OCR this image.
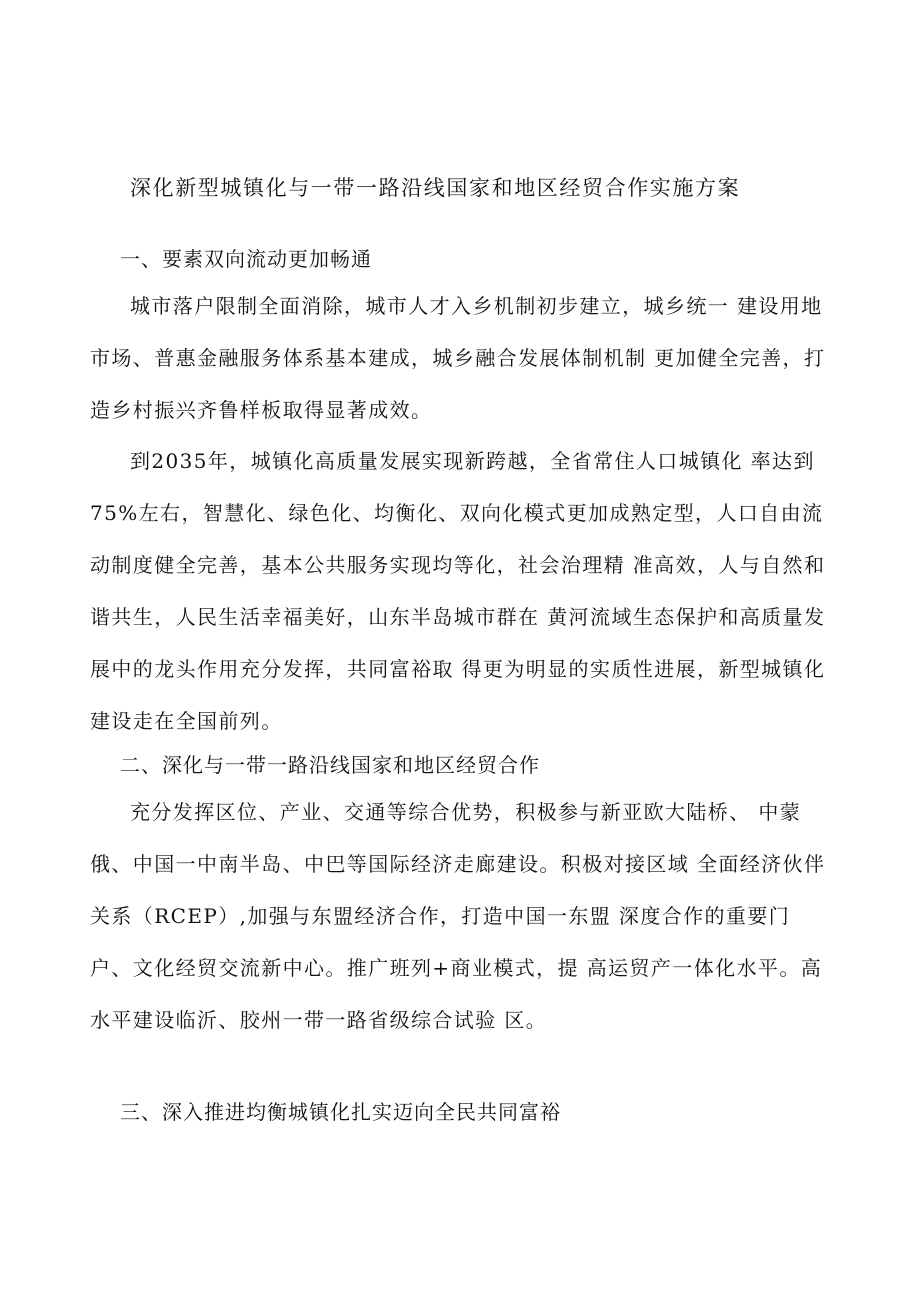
深化新型城镇化与一带一路沿线国家和地区经贸合作实施方案
一、要素双向流动更加畅通

城市落户限制全面消除，城市人才入乡机制初步建立，城乡统一 建设用地市场、普惠金融服务体系基本建成，城乡融合发展体制机制 更加健全完善，打造乡村振兴齐鲁样板取得显著成效。

到2035年，城镇化高质量发展实现新跨越，全省常住人口城镇化 率达到75%左右，智慧化、绿色化、均衡化、双向化模式更加成熟定型，人口自由流动制度健全完善，基本公共服务实现均等化，社会治理精 准高效，人与自然和谐共生，人民生活幸福美好，山东半岛城市群在 黄河流域生态保护和高质量发展中的龙头作用充分发挥，共同富裕取 得更为明显的实质性进展，新型城镇化建设走在全国前列。

二、深化与一带一路沿线国家和地区经贸合作

充分发挥区位、产业、交通等综合优势，积极参与新亚欧大陆桥、 中蒙俄、中国一中南半岛、中巴等国际经济走廊建设。积极对接区域 全面经济伙伴关系（RCEP）,加强与东盟经济合作，打造中国一东盟 深度合作的重要门户、文化经贸交流新中心。推广班列+商业模式，提 高运贸产一体化水平。高水平建设临沂、胶州一带一路省级综合试验 区。

三、深入推进均衡城镇化扎实迈向全民共同富裕
